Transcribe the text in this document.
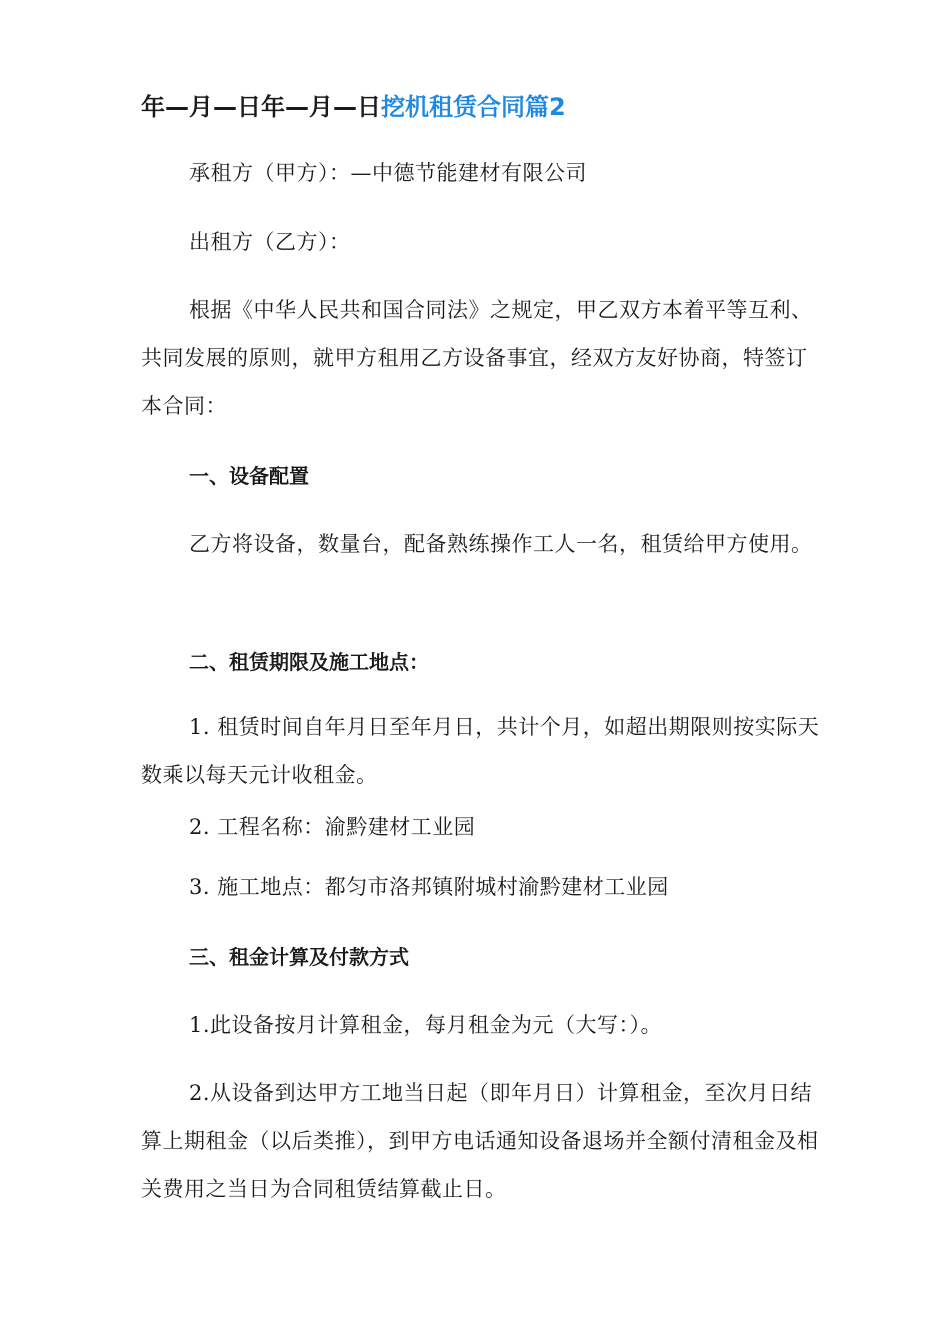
年—月—日年—月—日挖机租赁合同篇2

承租方（甲方）：—中德节能建材有限公司

出租方（乙方）：

根据《中华人民共和国合同法》之规定，甲乙双方本着平等互利、共同发展的原则，就甲方租用乙方设备事宜，经双方友好协商，特签订本合同：

一、设备配置

乙方将设备，数量台，配备熟练操作工人一名，租赁给甲方使用。

二、租赁期限及施工地点：

1. 租赁时间自年月日至年月日，共计个月，如超出期限则按实际天数乘以每天元计收租金。

2. 工程名称：渝黔建材工业园

3. 施工地点：都匀市洛邦镇附城村渝黔建材工业园

三、租金计算及付款方式

1.此设备按月计算租金，每月租金为元（大写：）。

2.从设备到达甲方工地当日起（即年月日）计算租金，至次月日结算上期租金（以后类推），到甲方电话通知设备退场并全额付清租金及相关费用之当日为合同租赁结算截止日。
